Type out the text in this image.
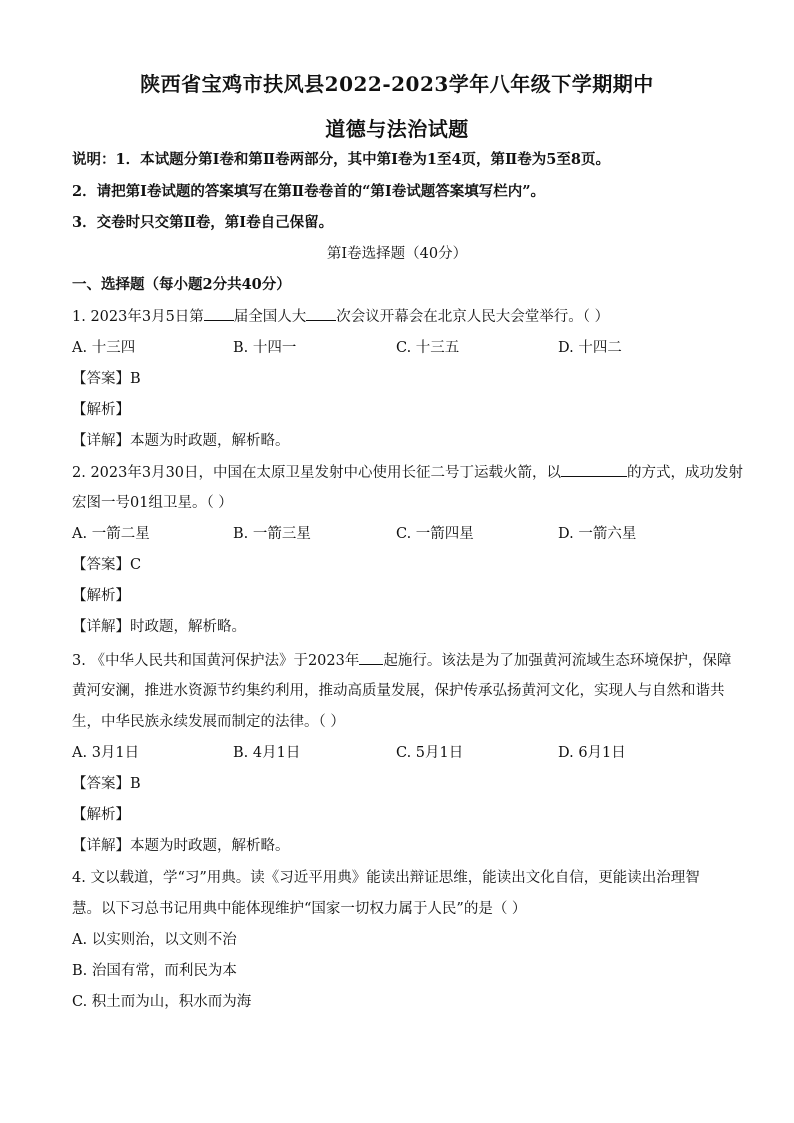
陕西省宝鸡市扶风县2022-2023学年八年级下学期期中
道德与法治试题
说明：1．本试题分第Ⅰ卷和第Ⅱ卷两部分，其中第Ⅰ卷为1至4页，第Ⅱ卷为5至8页。
2．请把第Ⅰ卷试题的答案填写在第Ⅱ卷卷首的“第Ⅰ卷试题答案填写栏内”。
3．交卷时只交第Ⅱ卷，第Ⅰ卷自己保留。
第Ⅰ卷选择题（40分）
一、选择题（每小题2分共40分）
1. 2023年3月5日第 届全国人大 次会议开幕会在北京人民大会堂举行。（ ）
A. 十三四	B. 十四一	C. 十三五	D. 十四二
【答案】B
【解析】
【详解】本题为时政题，解析略。
2. 2023年3月30日，中国在太原卫星发射中心使用长征二号丁运载火箭，以	的方式，成功发射
宏图一号01组卫星。（ ）
A. 一箭二星	B. 一箭三星	C. 一箭四星	D. 一箭六星
【答案】C
【解析】
【详解】时政题，解析略。
3. 《中华人民共和国黄河保护法》于2023年 起施行。该法是为了加强黄河流域生态环境保护，保障
黄河安澜，推进水资源节约集约利用，推动高质量发展，保护传承弘扬黄河文化，实现人与自然和谐共
生，中华民族永续发展而制定的法律。（ ）
A. 3月1日	B. 4月1日	C. 5月1日	D. 6月1日
【答案】B
【解析】
【详解】本题为时政题，解析略。
4. 文以载道，学“习”用典。读《习近平用典》能读出辩证思维，能读出文化自信，更能读出治理智
慧。以下习总书记用典中能体现维护“国家一切权力属于人民”的是（ ）
A. 以实则治，以文则不治
B. 治国有常，而利民为本
C. 积土而为山，积水而为海
